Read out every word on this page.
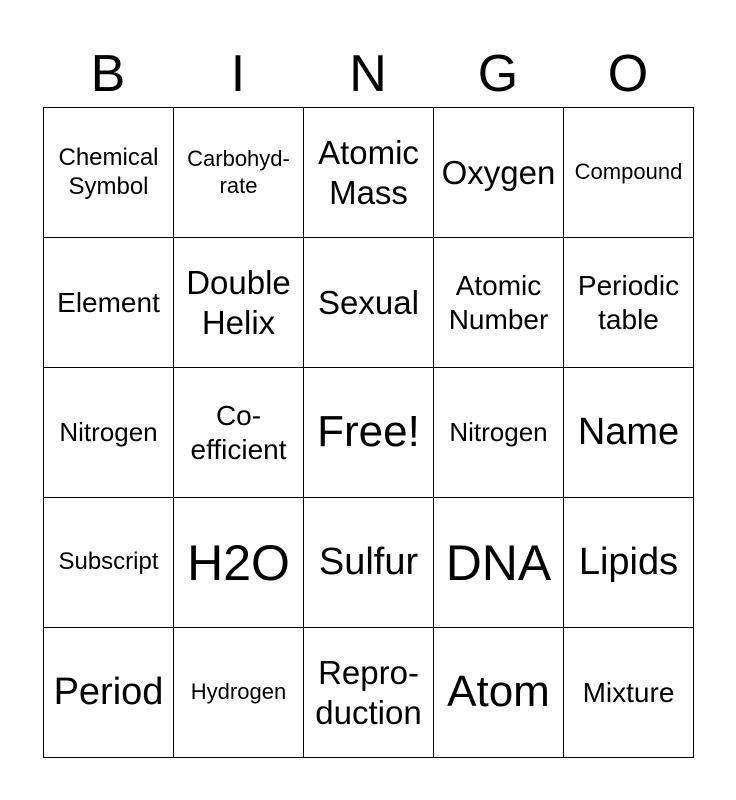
B	I	N	G	O
Chemical Symbol	Carbohyd-rate	Atomic Mass	Oxygen	Compound
Element	Double Helix	Sexual	Atomic Number	Periodic table
Nitrogen	Co-efficient	Free!	Nitrogen	Name
Subscript	H2O	Sulfur	DNA	Lipids
Period	Hydrogen	Repro-duction	Atom	Mixture
